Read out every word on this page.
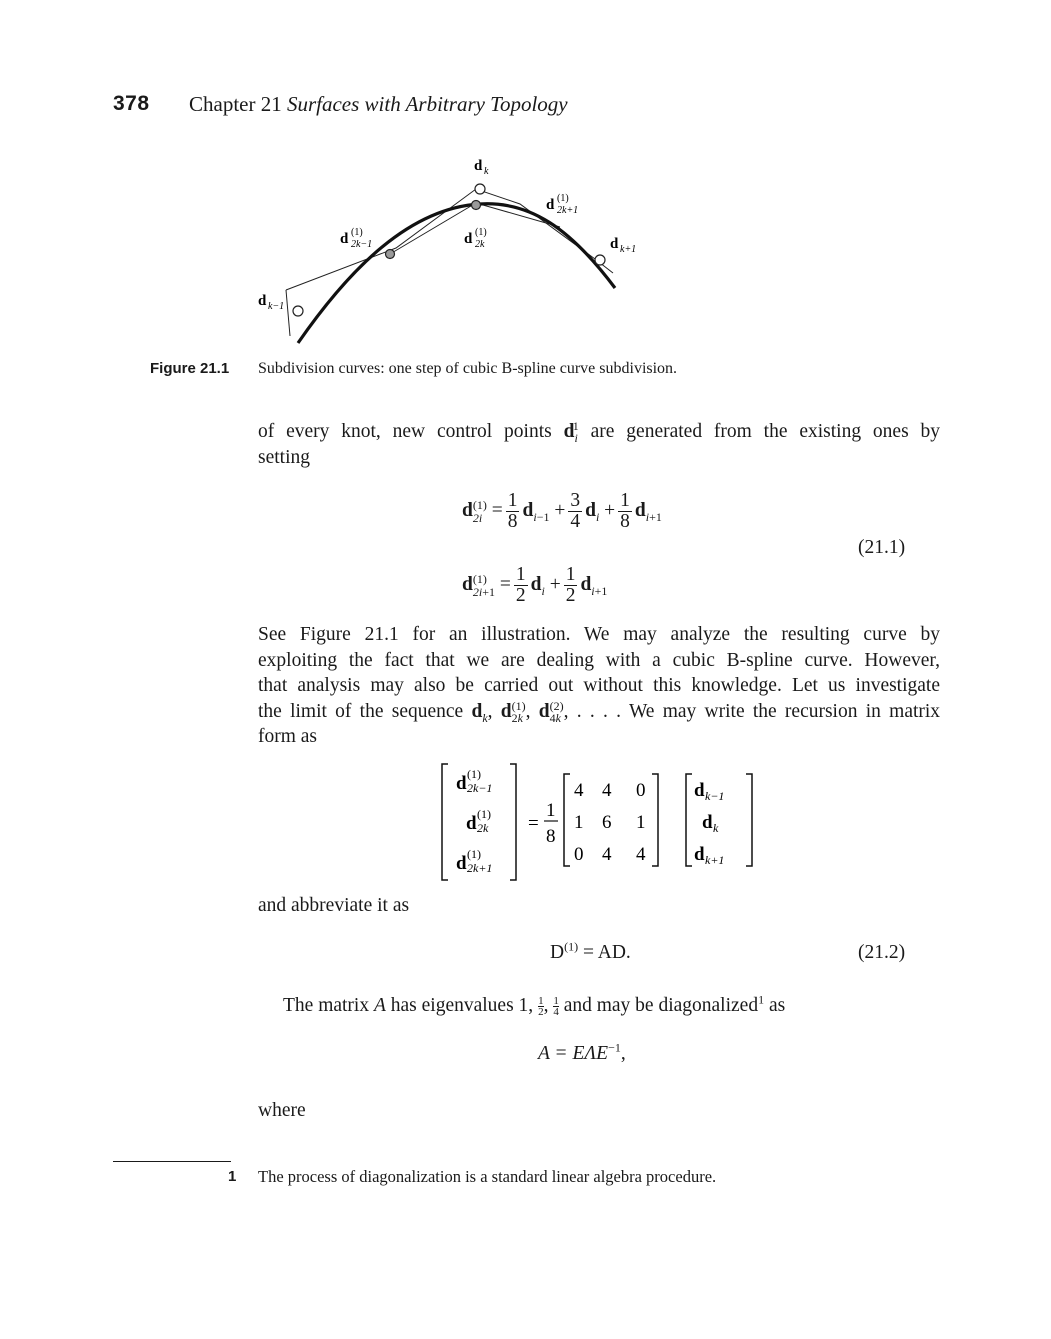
378 Chapter 21 Surfaces with Arbitrary Topology
d k
d (1)
2k+1
d (1)
2k−1	d (1)
2k	d k+1
d k−1
Figure 21.1 Subdivision curves: one step of cubic B-spline curve subdivision.
of every knot, new control points $d_i^1$ are generated from the existing ones by
setting
d(1)
$2i = \frac{1}{8} d_{i-1} + \frac{3}{4} d_i + \frac{1}{8} d_{i+1}$
d(1)
$2i+1 = \frac{1}{2} d_i + \frac{1}{2} d_{i+1}$
(21.1)
See Figure 21.1 for an illustration. We may analyze the resulting curve by
exploiting the fact that we are dealing with a cubic B-spline curve. However,
that analysis may also be carried out without this knowledge. Let us investigate
the limit of the sequence $d_k$, d(1)
2k , d(2)
4k , . . . . We may write the recursion in matrix
form as
d (1)
2k−1
d (1)
2k
d (1)
2k+1
=
1
8
4 4 0
1 6 1
0 4 4
d k−1
d k
d k+1
and abbreviate it as
$D^{(1)}$ = AD.	(21.2)
The matrix A has eigenvalues 1, $\frac{1}{2}$ , $\frac{1}{4}$ and may be diagonalized$^1$ as
$A = E\Lambda E^{-1}$,
where
1 The process of diagonalization is a standard linear algebra procedure.
